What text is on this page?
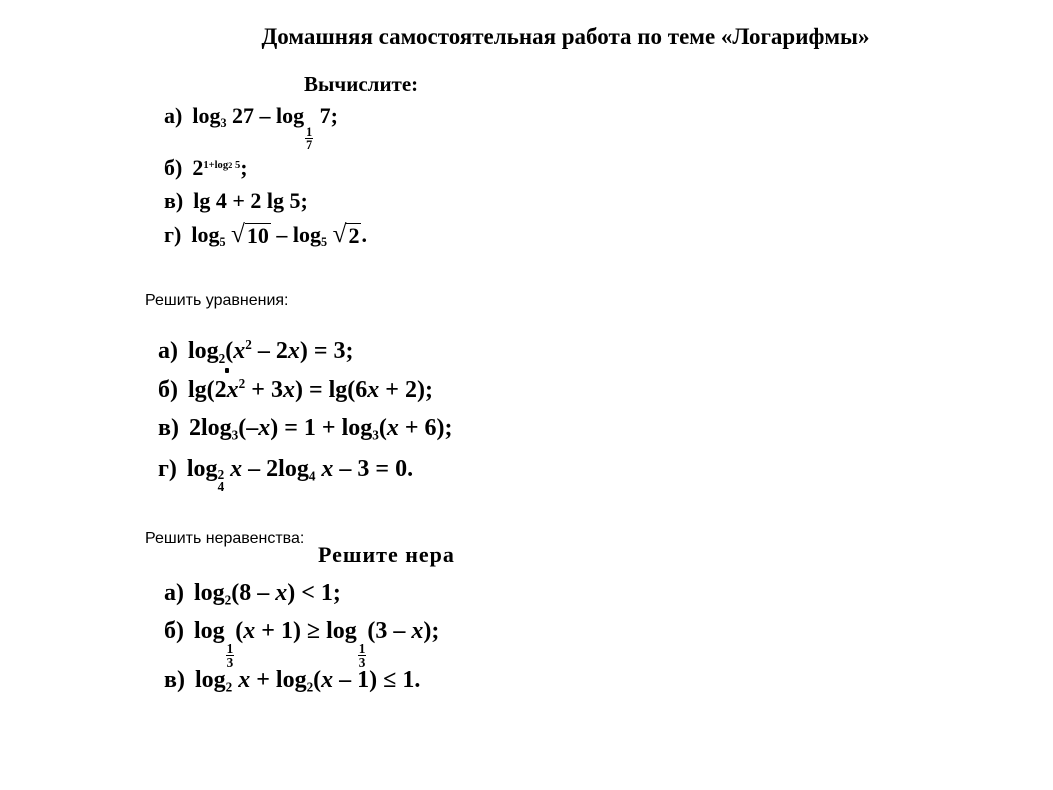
Домашняя самостоятельная работа по теме «Логарифмы»
Вычислите:
а) $\log_3 27$ – log
$\frac{1}{7}$
7;
б) $2^{1+log2 5}$;
в) lg 4 + 2 lg 5;
г) $\log_5$ √ $10 - \log_5$ √ 2 .
Решить уравнения:
а) $\log_2(x^2 - 2x) = 3$;
б) $\lg(2x^2 + 3x) = \lg(6x + 2)$;
в) $2\log_3(-x) = 1 + \log_3(x + 6)$;
г) log 2
4
x – $2\log_4$ x – 3 = 0.
Решить неравенства:
Решите нера
а) $\log_2(8 - x) < 1$;
б) log
$\frac{1}{3}$
(x + 1) ≥ log
$\frac{1}{3}$
(3 – x);
в) $\log_2 x + \log_2(x - 1) \le 1$.
